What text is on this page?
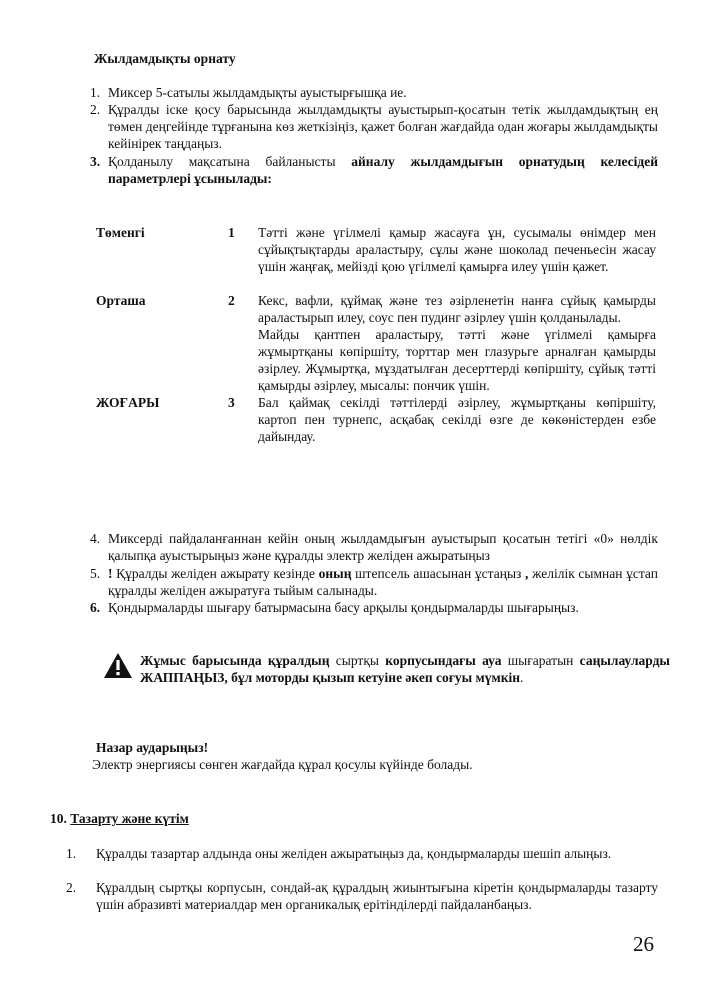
Жылдамдықты орнату
1. Миксер 5-сатылы жылдамдықты ауыстырғышқа ие.
2. Құралды іске қосу барысында жылдамдықты ауыстырып-қосатын тетік жылдамдықтың ең төмен деңгейінде тұрғанына көз жеткізіңіз, қажет болған жағдайда одан жоғары жылдамдықты кейінірек таңдаңыз.
3. Қолданылу мақсатына байланысты айналу жылдамдығын орнатудың келесідей параметрлері ұсынылады:
Төменгі	1 Тәтті және үгілмелі қамыр жасауға ұн, сусымалы өнімдер мен сұйықтықтарды араластыру, сұлы және шоколад печеньесін жасау үшін жаңғақ, мейізді қою үгілмелі қамырға илеу үшін қажет.
Орташа	2 Кекс, вафли, құймақ және тез әзірленетін нанға сұйық қамырды араластырып илеу, соус пен пудинг әзірлеу үшін қолданылады.
Майды қантпен араластыру, тәтті және үгілмелі қамырға жұмыртқаны көпіршіту, торттар мен глазурьге арналған қамырды әзірлеу. Жұмыртқа, мұздатылған десерттерді көпіршіту, сұйық тәтті қамырды әзірлеу, мысалы: пончик үшін.
ЖОҒАРЫ	3 Бал қаймақ секілді тәттілерді әзірлеу, жұмыртқаны көпіршіту, картоп пен турнепс, асқабақ секілді өзге де көкөністерден езбе дайындау.
4. Миксерді пайдаланғаннан кейін оның жылдамдығын ауыстырып қосатын тетігі «0» нөлдік қалыпқа ауыстырыңыз және құралды электр желіден ажыратыңыз
5. ! Құралды желіден ажырату кезінде оның штепсель ашасынан ұстаңыз , желілік сымнан ұстап құралды желіден ажыратуға тыйым салынады.
6. Қондырмаларды шығару батырмасына басу арқылы қондырмаларды шығарыңыз.
Жұмыс барысында құралдың сыртқы корпусындағы ауа шығаратын саңылауларды ЖАППАҢЫЗ, бұл моторды қызып кетуіне әкеп соғуы мүмкін.
Назар аударыңыз!
Электр энергиясы сөнген жағдайда құрал қосулы күйінде болады.
10. Тазарту және күтім
1. Құралды тазартар алдында оны желіден ажыратыңыз да, қондырмаларды шешіп алыңыз.
2. Құралдың сыртқы корпусын, сондай-ақ құралдың жиынтығына кіретін қондырмаларды тазарту үшін абразивті материалдар мен органикалық ерітінділерді пайдаланбаңыз.
26
